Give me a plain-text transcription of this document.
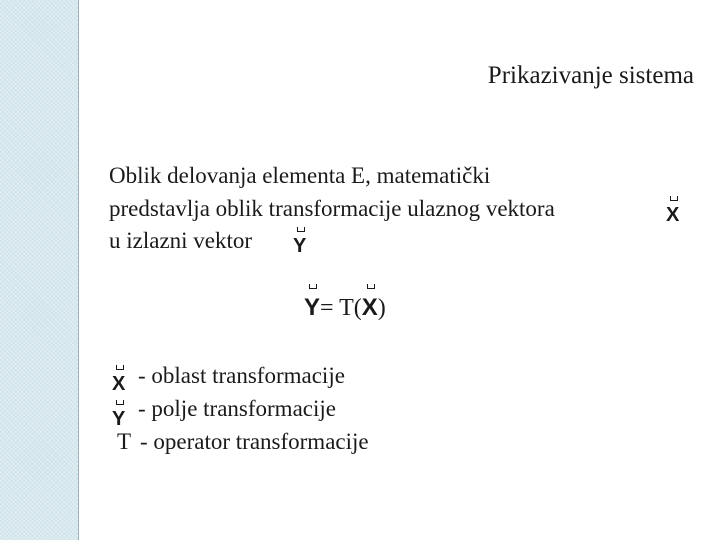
Prikazivanje sistema
Oblik delovanja elementa E, matematički
predstavlja oblik transformacije ulaznog vektora	X
u izlazni vektor Y
Y= T(
X)
X - oblast transformacije
Y - polje transformacije
T - operator transformacije
